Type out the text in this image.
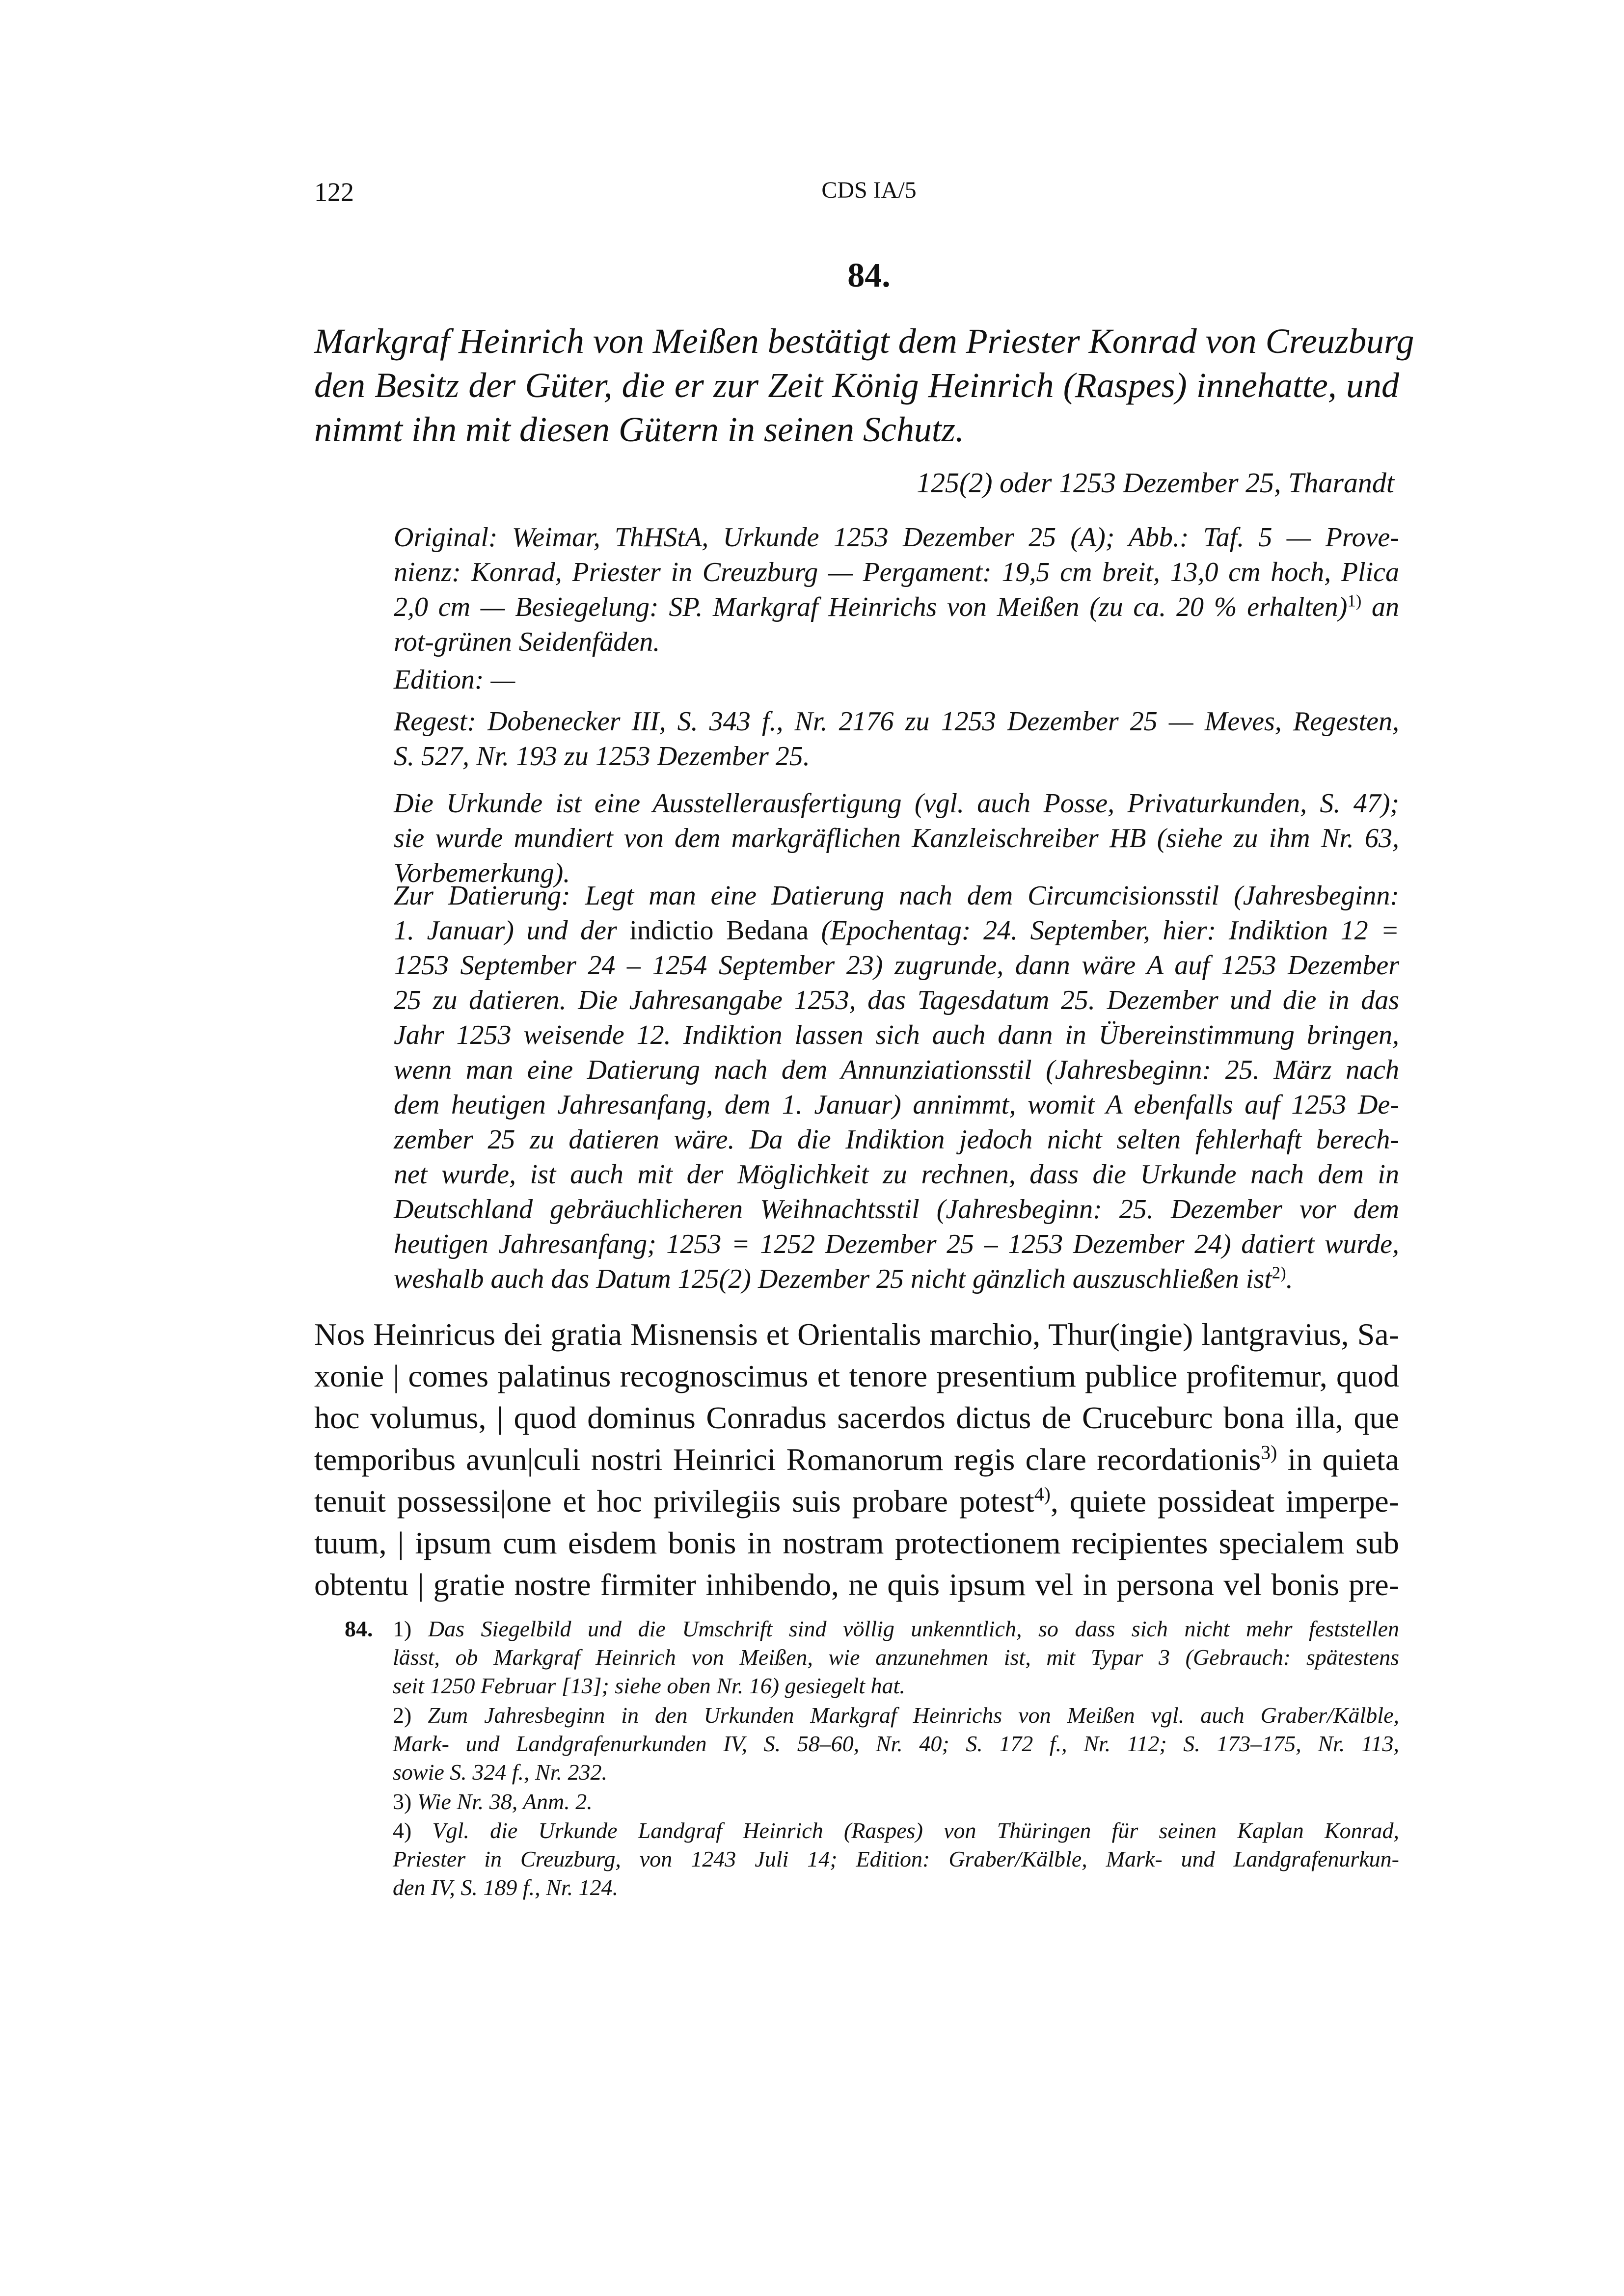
122	CDS IA/5
84.
Markgraf Heinrich von Meißen bestätigt dem Priester Konrad von Creuzburg
den Besitz der Güter, die er zur Zeit König Heinrich (Raspes) innehatte, und
nimmt ihn mit diesen Gütern in seinen Schutz.
125(2) oder 1253 Dezember 25, Tharandt
Original: Weimar, ThHStA, Urkunde 1253 Dezember 25 (A); Abb.: Taf. 5 — Prove-
nienz: Konrad, Priester in Creuzburg — Pergament: 19,5 cm breit, 13,0 cm hoch, Plica
2,0 cm — Besiegelung: SP. Markgraf Heinrichs von Meißen (zu ca. 20 % erhalten)$^{1)}$ an
rot-grünen Seidenfäden.
Edition: —
Regest: Dobenecker III, S. 343 f., Nr. 2176 zu 1253 Dezember 25 — Meves, Regesten,
S. 527, Nr. 193 zu 1253 Dezember 25.
Die Urkunde ist eine Ausstellerausfertigung (vgl. auch Posse, Privaturkunden, S. 47);
sie wurde mundiert von dem markgräflichen Kanzleischreiber HB (siehe zu ihm Nr. 63,
Vorbemerkung).
Zur Datierung: Legt man eine Datierung nach dem Circumcisionsstil (Jahresbeginn:
1. Januar) und der indictio Bedana (Epochentag: 24. September, hier: Indiktion 12 =
1253 September 24 – 1254 September 23) zugrunde, dann wäre A auf 1253 Dezember
25 zu datieren. Die Jahresangabe 1253, das Tagesdatum 25. Dezember und die in das
Jahr 1253 weisende 12. Indiktion lassen sich auch dann in Übereinstimmung bringen,
wenn man eine Datierung nach dem Annunziationsstil (Jahresbeginn: 25. März nach
dem heutigen Jahresanfang, dem 1. Januar) annimmt, womit A ebenfalls auf 1253 De-
zember 25 zu datieren wäre. Da die Indiktion jedoch nicht selten fehlerhaft berech-
net wurde, ist auch mit der Möglichkeit zu rechnen, dass die Urkunde nach dem in
Deutschland gebräuchlicheren Weihnachtsstil (Jahresbeginn: 25. Dezember vor dem
heutigen Jahresanfang; 1253 = 1252 Dezember 25 – 1253 Dezember 24) datiert wurde,
weshalb auch das Datum 125(2) Dezember 25 nicht gänzlich auszuschließen ist$^{2)}$.
Nos Heinricus dei gratia Misnensis et Orientalis marchio, Thur(ingie) lantgravius, Sa-
xonie | comes palatinus recognoscimus et tenore presentium publice profitemur, quod
hoc volumus, | quod dominus Conradus sacerdos dictus de Cruceburc bona illa, que
temporibus avun|culi nostri Heinrici Romanorum regis clare recordationis$^{3)}$ in quieta
tenuit possessi|one et hoc privilegiis suis probare potest$^{4)}$, quiete possideat imperpe-
tuum, | ipsum cum eisdem bonis in nostram protectionem recipientes specialem sub
obtentu | gratie nostre firmiter inhibendo, ne quis ipsum vel in persona vel bonis pre-
84. 1) Das Siegelbild und die Umschrift sind völlig unkenntlich, so dass sich nicht mehr feststellen
lässt, ob Markgraf Heinrich von Meißen, wie anzunehmen ist, mit Typar 3 (Gebrauch: spätestens
seit 1250 Februar [13]; siehe oben Nr. 16) gesiegelt hat.
2) Zum Jahresbeginn in den Urkunden Markgraf Heinrichs von Meißen vgl. auch Graber/Kälble,
Mark- und Landgrafenurkunden IV, S. 58–60, Nr. 40; S. 172 f., Nr. 112; S. 173–175, Nr. 113,
sowie S. 324 f., Nr. 232.
3) Wie Nr. 38, Anm. 2.
4) Vgl. die Urkunde Landgraf Heinrich (Raspes) von Thüringen für seinen Kaplan Konrad,
Priester in Creuzburg, von 1243 Juli 14; Edition: Graber/Kälble, Mark- und Landgrafenurkun-
den IV, S. 189 f., Nr. 124.
